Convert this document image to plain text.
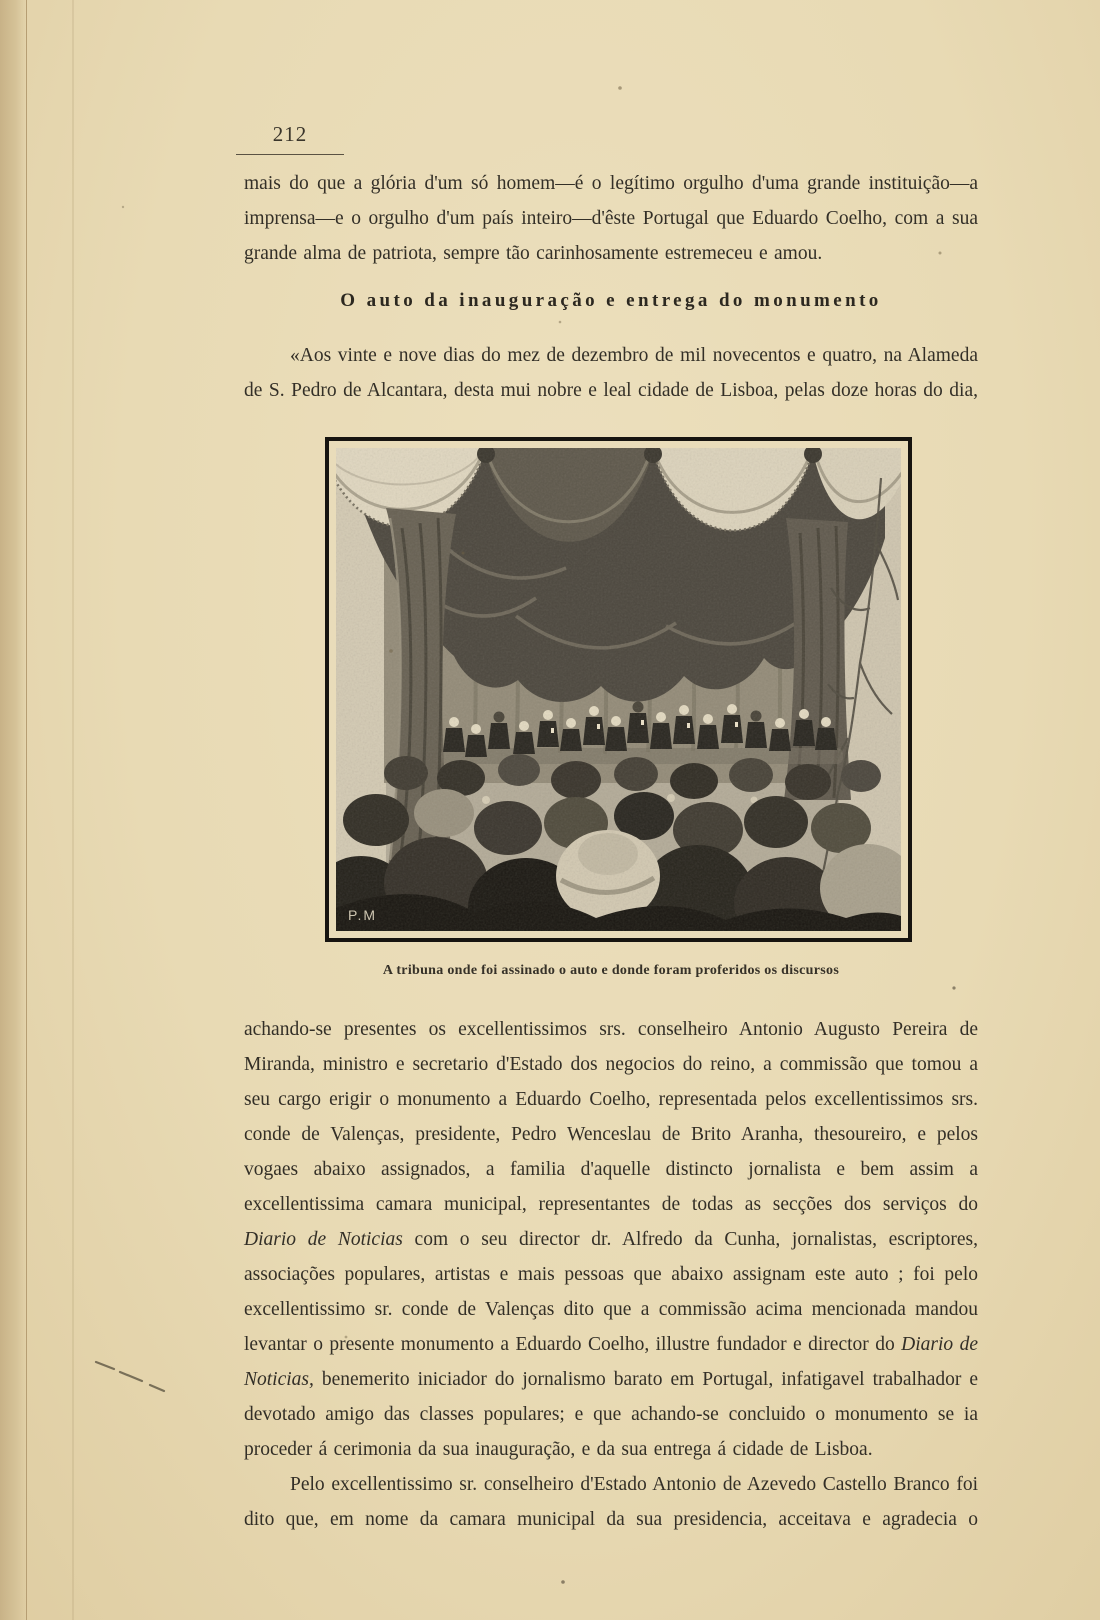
212

mais do que a glória d'um só homem—é o legítimo orgulho d'uma grande instituição—a imprensa—e o orgulho d'um país inteiro—d'êste Portugal que Eduardo Coelho, com a sua grande alma de patriota, sempre tão carinhosamente estremeceu e amou.

O auto da inauguração e entrega do monumento

«Aos vinte e nove dias do mez de dezembro de mil novecentos e quatro, na Alameda de S. Pedro de Alcantara, desta mui nobre e leal cidade de Lisboa, pelas doze horas do dia,

P.M

A tribuna onde foi assinado o auto e donde foram proferidos os discursos

achando-se presentes os excellentissimos srs. conselheiro Antonio Augusto Pereira de Miranda, ministro e secretario d'Estado dos negocios do reino, a commissão que tomou a seu cargo erigir o monumento a Eduardo Coelho, representada pelos excellentissimos srs. conde de Valenças, presidente, Pedro Wenceslau de Brito Aranha, thesoureiro, e pelos vogaes abaixo assignados, a familia d'aquelle distincto jornalista e bem assim a excellentissima camara municipal, representantes de todas as secções dos serviços do Diario de Noticias com o seu director dr. Alfredo da Cunha, jornalistas, escriptores, associações populares, artistas e mais pessoas que abaixo assignam este auto ; foi pelo excellentissimo sr. conde de Valenças dito que a commissão acima mencionada mandou levantar o presente monumento a Eduardo Coelho, illustre fundador e director do Diario de Noticias, benemerito iniciador do jornalismo barato em Portugal, infatigavel trabalhador e devotado amigo das classes populares; e que achando-se concluido o monumento se ia proceder á cerimonia da sua inauguração, e da sua entrega á cidade de Lisboa.

Pelo excellentissimo sr. conselheiro d'Estado Antonio de Azevedo Castello Branco foi dito que, em nome da camara municipal da sua presidencia, acceitava e agradecia o
